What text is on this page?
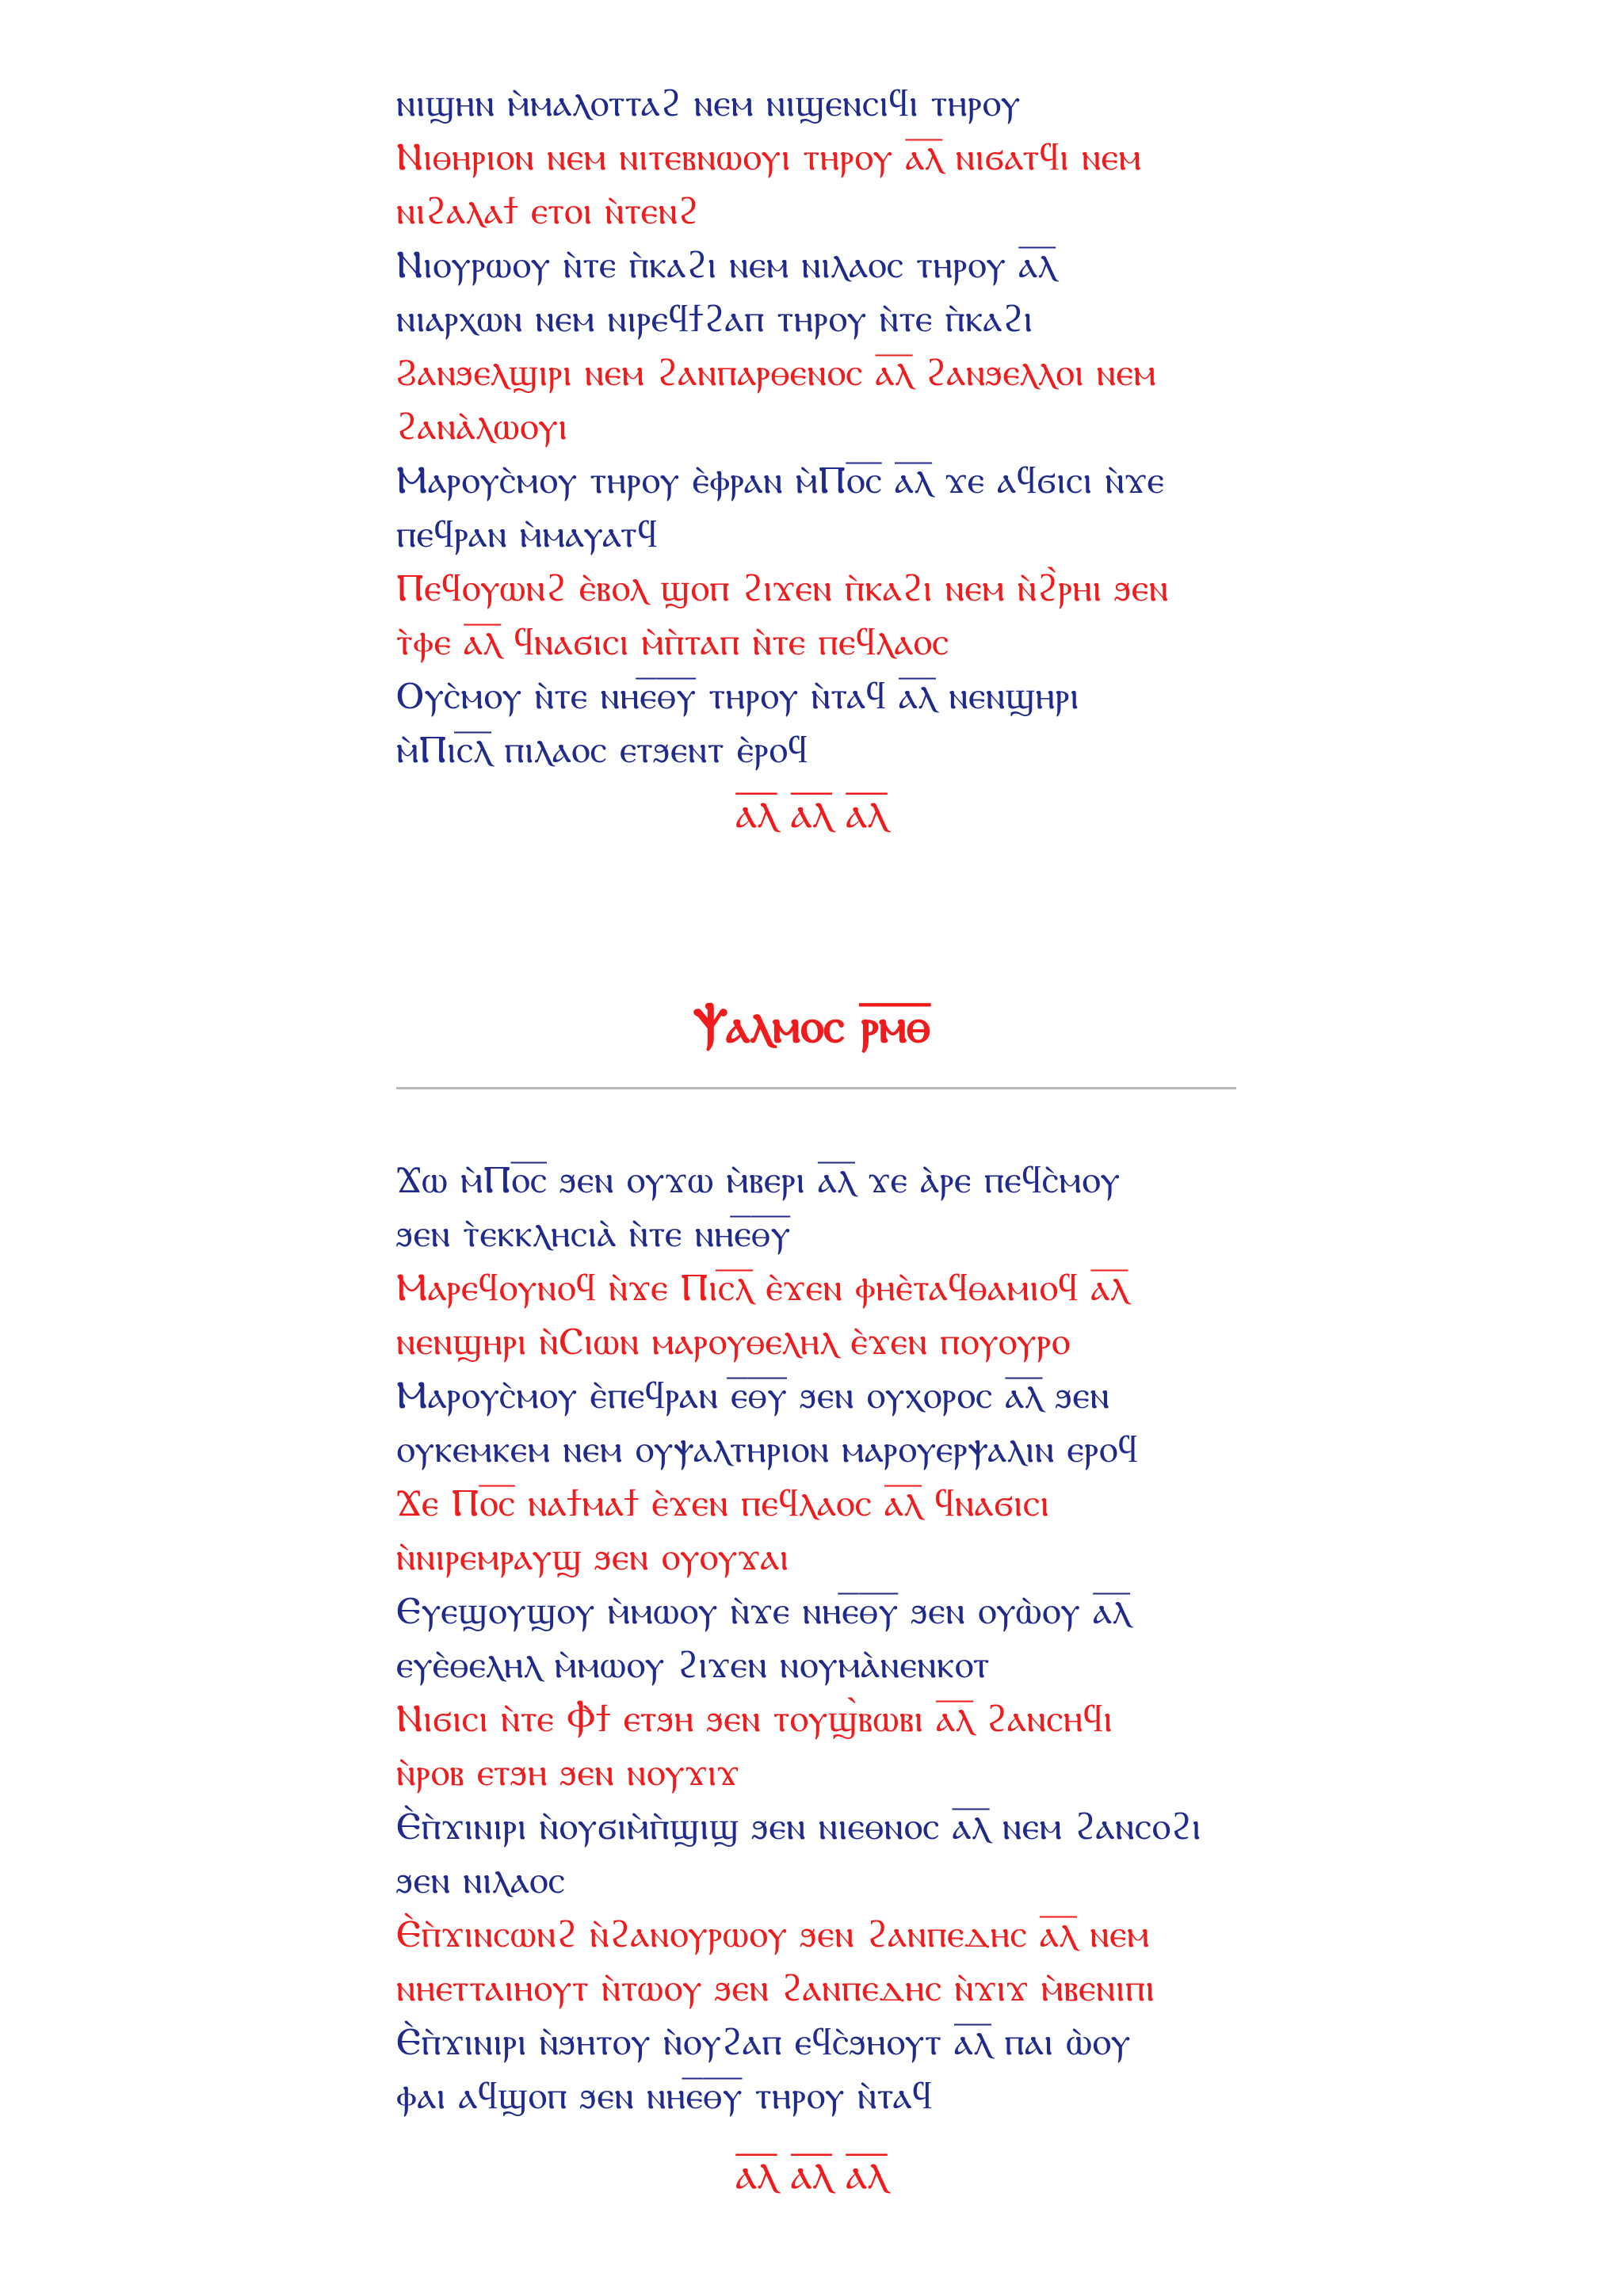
ⲛⲓϣⲏⲛ ⲙ̀ⲙⲁⲗⲟⲧⲧⲁϩ ⲛⲉⲙ ⲛⲓϣⲉⲛⲥⲓϥⲓ ⲧⲏⲣⲟⲩ
Ⲛⲓⲑⲏⲣⲓⲟⲛ ⲛⲉⲙ ⲛⲓⲧⲉⲃⲛⲱⲟⲩⲓ ⲧⲏⲣⲟⲩ ⲁ̅ⲗ̅ ⲛⲓϭⲁⲧϥⲓ ⲛⲉⲙ
ⲛⲓϩⲁⲗⲁϯ ⲉⲧⲟⲓ ⲛ̀ⲧⲉⲛϩ
Ⲛⲓⲟⲩⲣⲱⲟⲩ ⲛ̀ⲧⲉ ⲡ̀ⲕⲁϩⲓ ⲛⲉⲙ ⲛⲓⲗⲁⲟⲥ ⲧⲏⲣⲟⲩ ⲁ̅ⲗ̅
ⲛⲓⲁⲣⲭⲱⲛ ⲛⲉⲙ ⲛⲓⲣⲉϥϯϩⲁⲡ ⲧⲏⲣⲟⲩ ⲛ̀ⲧⲉ ⲡ̀ⲕⲁϩⲓ
Ϩⲁⲛϧⲉⲗϣⲓⲣⲓ ⲛⲉⲙ ϩⲁⲛⲡⲁⲣⲑⲉⲛⲟⲥ ⲁ̅ⲗ̅ ϩⲁⲛϧⲉⲗⲗⲟⲓ ⲛⲉⲙ
ϩⲁⲛⲁ̀ⲗⲱⲟⲩⲓ
Ⲙⲁⲣⲟⲩⲥ̀ⲙⲟⲩ ⲧⲏⲣⲟⲩ ⲉ̀ⲫⲣⲁⲛ ⲙ̀Ⲡⲟ̅ⲥ̅ ⲁ̅ⲗ̅ ϫⲉ ⲁϥϭⲓⲥⲓ ⲛ̀ϫⲉ
ⲡⲉϥⲣⲁⲛ ⲙ̀ⲙⲁⲩⲁⲧϥ
Ⲡⲉϥⲟⲩⲱⲛϩ ⲉ̀ⲃⲟⲗ ϣⲟⲡ ϩⲓϫⲉⲛ ⲡ̀ⲕⲁϩⲓ ⲛⲉⲙ ⲛ̀ϩ̀ⲣⲏⲓ ϧⲉⲛ
ⲧ̀ⲫⲉ ⲁ̅ⲗ̅ ϥⲛⲁϭⲓⲥⲓ ⲙ̀ⲡ̀ⲧⲁⲡ ⲛ̀ⲧⲉ ⲡⲉϥⲗⲁⲟⲥ
Ⲟⲩⲥ̀ⲙⲟⲩ ⲛ̀ⲧⲉ ⲛⲏⲉ̅ⲑ̅ⲩ̅ ⲧⲏⲣⲟⲩ ⲛ̀ⲧⲁϥ ⲁ̅ⲗ̅ ⲛⲉⲛϣⲏⲣⲓ
ⲙ̀Ⲡⲓⲥ̅ⲗ̅ ⲡⲓⲗⲁⲟⲥ ⲉⲧϧⲉⲛⲧ ⲉ̀ⲣⲟϥ
ⲁ̅ⲗ̅ ⲁ̅ⲗ̅ ⲁ̅ⲗ̅
Ⲯⲁⲗⲙⲟⲥ ⲣ̅ⲙ̅ⲑ̅
Ϫⲱ ⲙ̀Ⲡⲟ̅ⲥ̅ ϧⲉⲛ ⲟⲩϫⲱ ⲙ̀ⲃⲉⲣⲓ ⲁ̅ⲗ̅ ϫⲉ ⲁ̀ⲣⲉ ⲡⲉϥⲥ̀ⲙⲟⲩ
ϧⲉⲛ ⲧ̀ⲉⲕⲕⲗⲏⲥⲓⲁ̀ ⲛ̀ⲧⲉ ⲛⲏⲉ̅ⲑ̅ⲩ̅
Ⲙⲁⲣⲉϥⲟⲩⲛⲟϥ ⲛ̀ϫⲉ Ⲡⲓⲥ̅ⲗ̅ ⲉ̀ϫⲉⲛ ⲫⲏⲉ̀ⲧⲁϥⲑⲁⲙⲓⲟϥ ⲁ̅ⲗ̅
ⲛⲉⲛϣⲏⲣⲓ ⲛ̀Ⲥⲓⲱⲛ ⲙⲁⲣⲟⲩⲑⲉⲗⲏⲗ ⲉ̀ϫⲉⲛ ⲡⲟⲩⲟⲩⲣⲟ
Ⲙⲁⲣⲟⲩⲥ̀ⲙⲟⲩ ⲉ̀ⲡⲉϥⲣⲁⲛ ⲉ̅ⲑ̅ⲩ̅ ϧⲉⲛ ⲟⲩⲭⲟⲣⲟⲥ ⲁ̅ⲗ̅ ϧⲉⲛ
ⲟⲩⲕⲉⲙⲕⲉⲙ ⲛⲉⲙ ⲟⲩⲯⲁⲗⲧⲏⲣⲓⲟⲛ ⲙⲁⲣⲟⲩⲉⲣⲯⲁⲗⲓⲛ ⲉⲣⲟϥ
Ϫⲉ Ⲡⲟ̅ⲥ̅ ⲛⲁϯⲙⲁϯ ⲉ̀ϫⲉⲛ ⲡⲉϥⲗⲁⲟⲥ ⲁ̅ⲗ̅ ϥⲛⲁϭⲓⲥⲓ
ⲛ̀ⲛⲓⲣⲉⲙⲣⲁⲩϣ ϧⲉⲛ ⲟⲩⲟⲩϫⲁⲓ
Ⲉⲩⲉϣⲟⲩϣⲟⲩ ⲙ̀ⲙⲱⲟⲩ ⲛ̀ϫⲉ ⲛⲏⲉ̅ⲑ̅ⲩ̅ ϧⲉⲛ ⲟⲩⲱ̀ⲟⲩ ⲁ̅ⲗ̅
ⲉⲩⲉ̀ⲑⲉⲗⲏⲗ ⲙ̀ⲙⲱⲟⲩ ϩⲓϫⲉⲛ ⲛⲟⲩⲙⲁ̀ⲛⲉⲛⲕⲟⲧ
Ⲛⲓϭⲓⲥⲓ ⲛ̀ⲧⲉ Ⲫ̀ϯ ⲉⲧϧⲏ ϧⲉⲛ ⲧⲟⲩϣ̀ⲃⲱⲃⲓ ⲁ̅ⲗ̅ ϩⲁⲛⲥⲏϥⲓ
ⲛ̀ⲣⲟⲃ ⲉⲧϧⲏ ϧⲉⲛ ⲛⲟⲩϫⲓϫ
Ⲉ̀ⲡ̀ϫⲓⲛⲓⲣⲓ ⲛ̀ⲟⲩϭⲓⲙ̀ⲡ̀ϣⲓϣ ϧⲉⲛ ⲛⲓⲉⲑⲛⲟⲥ ⲁ̅ⲗ̅ ⲛⲉⲙ ϩⲁⲛⲥⲟϩⲓ
ϧⲉⲛ ⲛⲓⲗⲁⲟⲥ
Ⲉ̀ⲡ̀ϫⲓⲛⲥⲱⲛϩ ⲛ̀ϩⲁⲛⲟⲩⲣⲱⲟⲩ ϧⲉⲛ ϩⲁⲛⲡⲉⲇⲏⲥ ⲁ̅ⲗ̅ ⲛⲉⲙ
ⲛⲏⲉⲧⲧⲁⲓⲏⲟⲩⲧ ⲛ̀ⲧⲱⲟⲩ ϧⲉⲛ ϩⲁⲛⲡⲉⲇⲏⲥ ⲛ̀ϫⲓϫ ⲙ̀ⲃⲉⲛⲓⲡⲓ
Ⲉ̀ⲡ̀ϫⲓⲛⲓⲣⲓ ⲛ̀ϧⲏⲧⲟⲩ ⲛ̀ⲟⲩϩⲁⲡ ⲉϥⲥ̀ϧⲏⲟⲩⲧ ⲁ̅ⲗ̅ ⲡⲁⲓ ⲱ̀ⲟⲩ
ⲫⲁⲓ ⲁϥϣⲟⲡ ϧⲉⲛ ⲛⲏⲉ̅ⲑ̅ⲩ̅ ⲧⲏⲣⲟⲩ ⲛ̀ⲧⲁϥ
ⲁ̅ⲗ̅ ⲁ̅ⲗ̅ ⲁ̅ⲗ̅
